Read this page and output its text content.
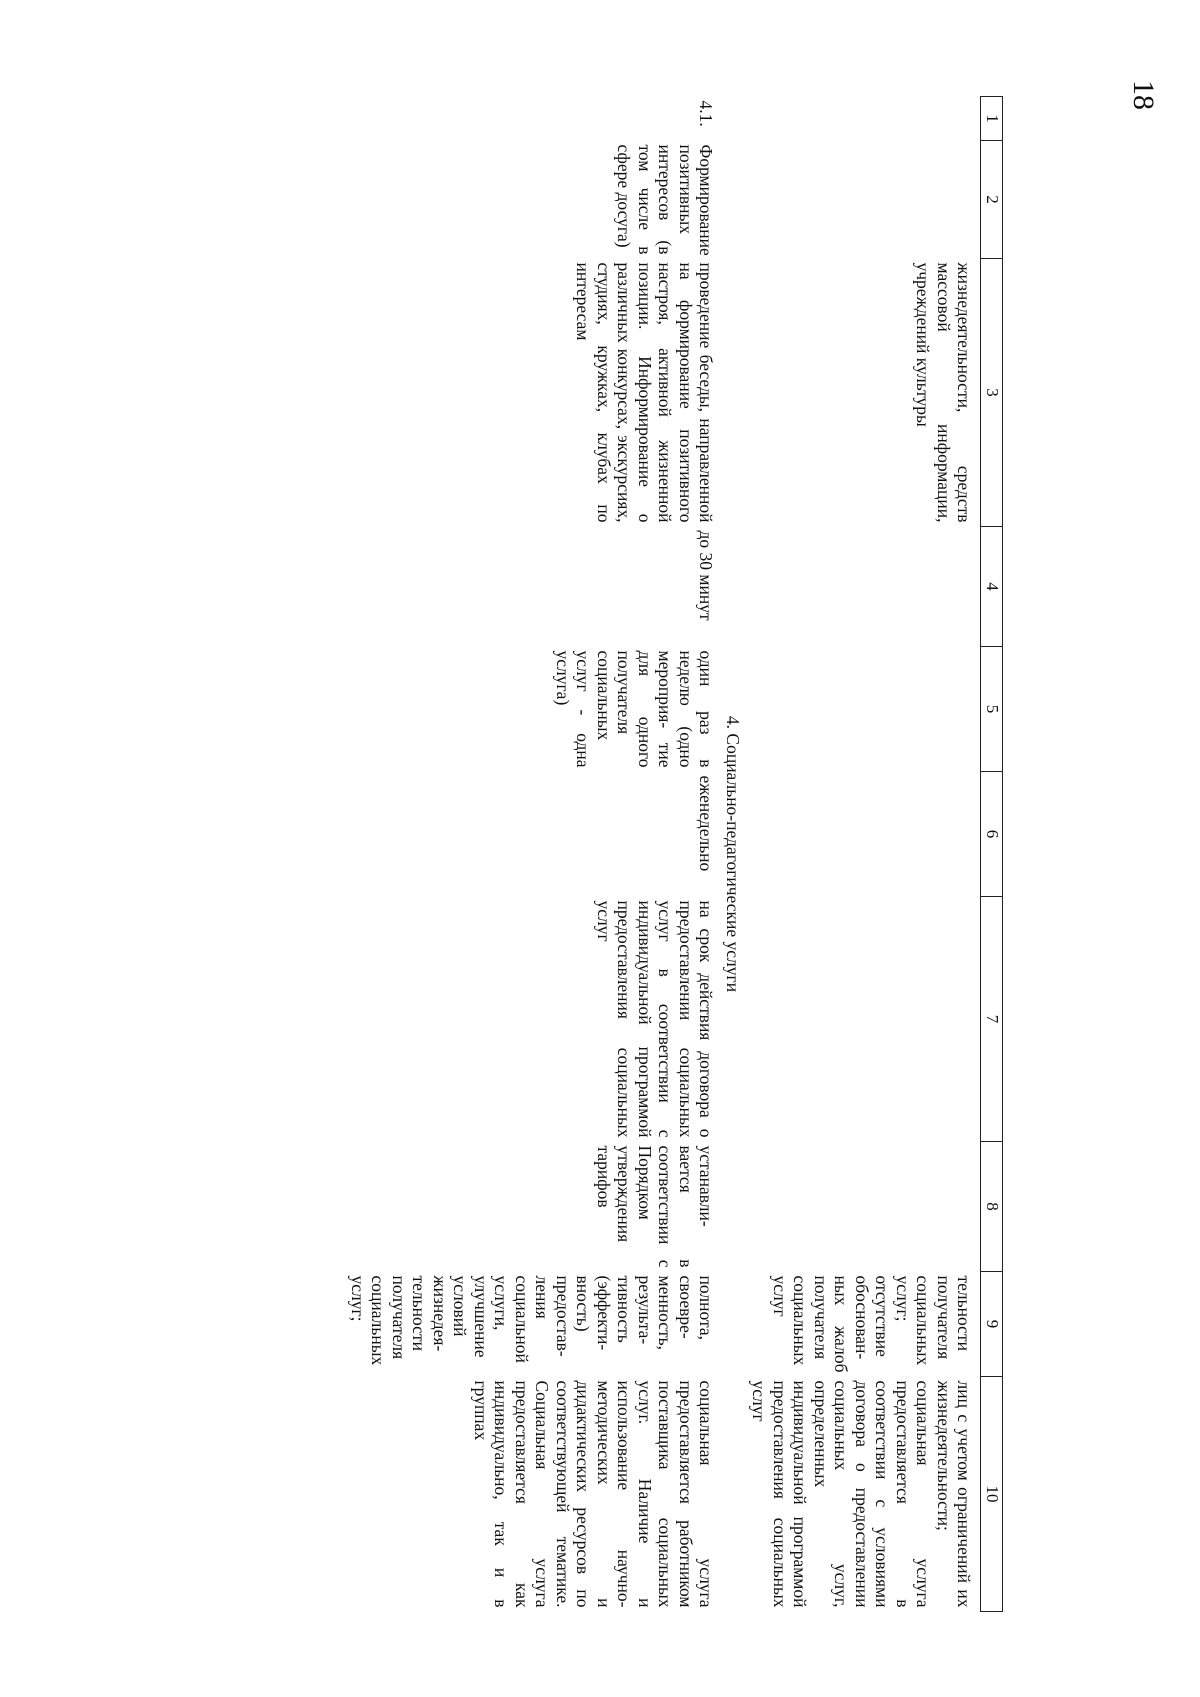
18
1	2	3	4	5	6	7	8	9	10
		жизнедеятельности, средств массовой информации, учреждений культуры						тельности получателя социальных услуг; отсутствие обоснован- ных жалоб получателя социальных услуг	лиц с учетом ограничений их жизнедеятельности; социальная услуга предоставляется в соответствии с условиями договора о предоставлении социальных услуг, определенных индивидуальной программой предоставления социальных услуг
4. Социально-педагогические услуги									
4.1.	Формирование позитивных интересов (в том числе в сфере досуга)	проведение беседы, направленной на формирование позитивного настроя, активной жизненной позиции. Информирование о различных конкурсах, экскурсиях, студиях, кружках, клубах по интересам	до 30 минут	один раз в неделю (одно мероприя- тие для одного получателя социальных услуг - одна услуга)	еженедельно	на срок действия договора о предоставлении социальных услуг в соответствии с индивидуальной программой предоставления социальных услуг	устанавли- вается в соответствии с Порядком утверждения тарифов	полнота, своевре- менность, результа- тивность (эффекти- вность) предостав- ления социальной услуги, улучшение условий жизнедея- тельности получателя социальных услуг;	социальная услуга предоставляется работником поставщика социальных услуг. Наличие и использование научно- методических и дидактических ресурсов по соответствующей тематике. Социальная услуга предоставляется как индивидуально, так и в группах
